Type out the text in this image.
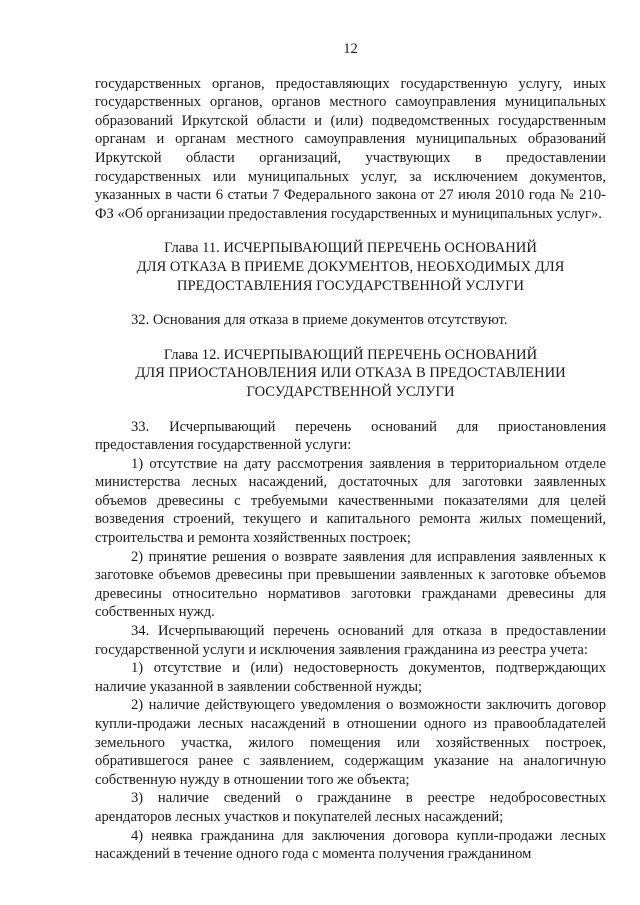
12

государственных органов, предоставляющих государственную услугу, иных государственных органов, органов местного самоуправления муниципальных образований Иркутской области и (или) подведомственных государственным органам и органам местного самоуправления муниципальных образований Иркутской области организаций, участвующих в предоставлении государственных или муниципальных услуг, за исключением документов, указанных в части 6 статьи 7 Федерального закона от 27 июля 2010 года № 210-ФЗ «Об организации предоставления государственных и муниципальных услуг».

Глава 11. ИСЧЕРПЫВАЮЩИЙ ПЕРЕЧЕНЬ ОСНОВАНИЙ

ДЛЯ ОТКАЗА В ПРИЕМЕ ДОКУМЕНТОВ, НЕОБХОДИМЫХ ДЛЯ

ПРЕДОСТАВЛЕНИЯ ГОСУДАРСТВЕННОЙ УСЛУГИ

32. Основания для отказа в приеме документов отсутствуют.

Глава 12. ИСЧЕРПЫВАЮЩИЙ ПЕРЕЧЕНЬ ОСНОВАНИЙ

ДЛЯ ПРИОСТАНОВЛЕНИЯ ИЛИ ОТКАЗА В ПРЕДОСТАВЛЕНИИ

ГОСУДАРСТВЕННОЙ УСЛУГИ

33. Исчерпывающий перечень оснований для приостановления предоставления государственной услуги:

1) отсутствие на дату рассмотрения заявления в территориальном отделе министерства лесных насаждений, достаточных для заготовки заявленных объемов древесины с требуемыми качественными показателями для целей возведения строений, текущего и капитального ремонта жилых помещений, строительства и ремонта хозяйственных построек;

2) принятие решения о возврате заявления для исправления заявленных к заготовке объемов древесины при превышении заявленных к заготовке объемов древесины относительно нормативов заготовки гражданами древесины для собственных нужд.

34. Исчерпывающий перечень оснований для отказа в предоставлении государственной услуги и исключения заявления гражданина из реестра учета:

1) отсутствие и (или) недостоверность документов, подтверждающих наличие указанной в заявлении собственной нужды;

2) наличие действующего уведомления о возможности заключить договор купли-продажи лесных насаждений в отношении одного из правообладателей земельного участка, жилого помещения или хозяйственных построек, обратившегося ранее с заявлением, содержащим указание на аналогичную собственную нужду в отношении того же объекта;

3) наличие сведений о гражданине в реестре недобросовестных арендаторов лесных участков и покупателей лесных насаждений;

4) неявка гражданина для заключения договора купли-продажи лесных насаждений в течение одного года с момента получения гражданином
